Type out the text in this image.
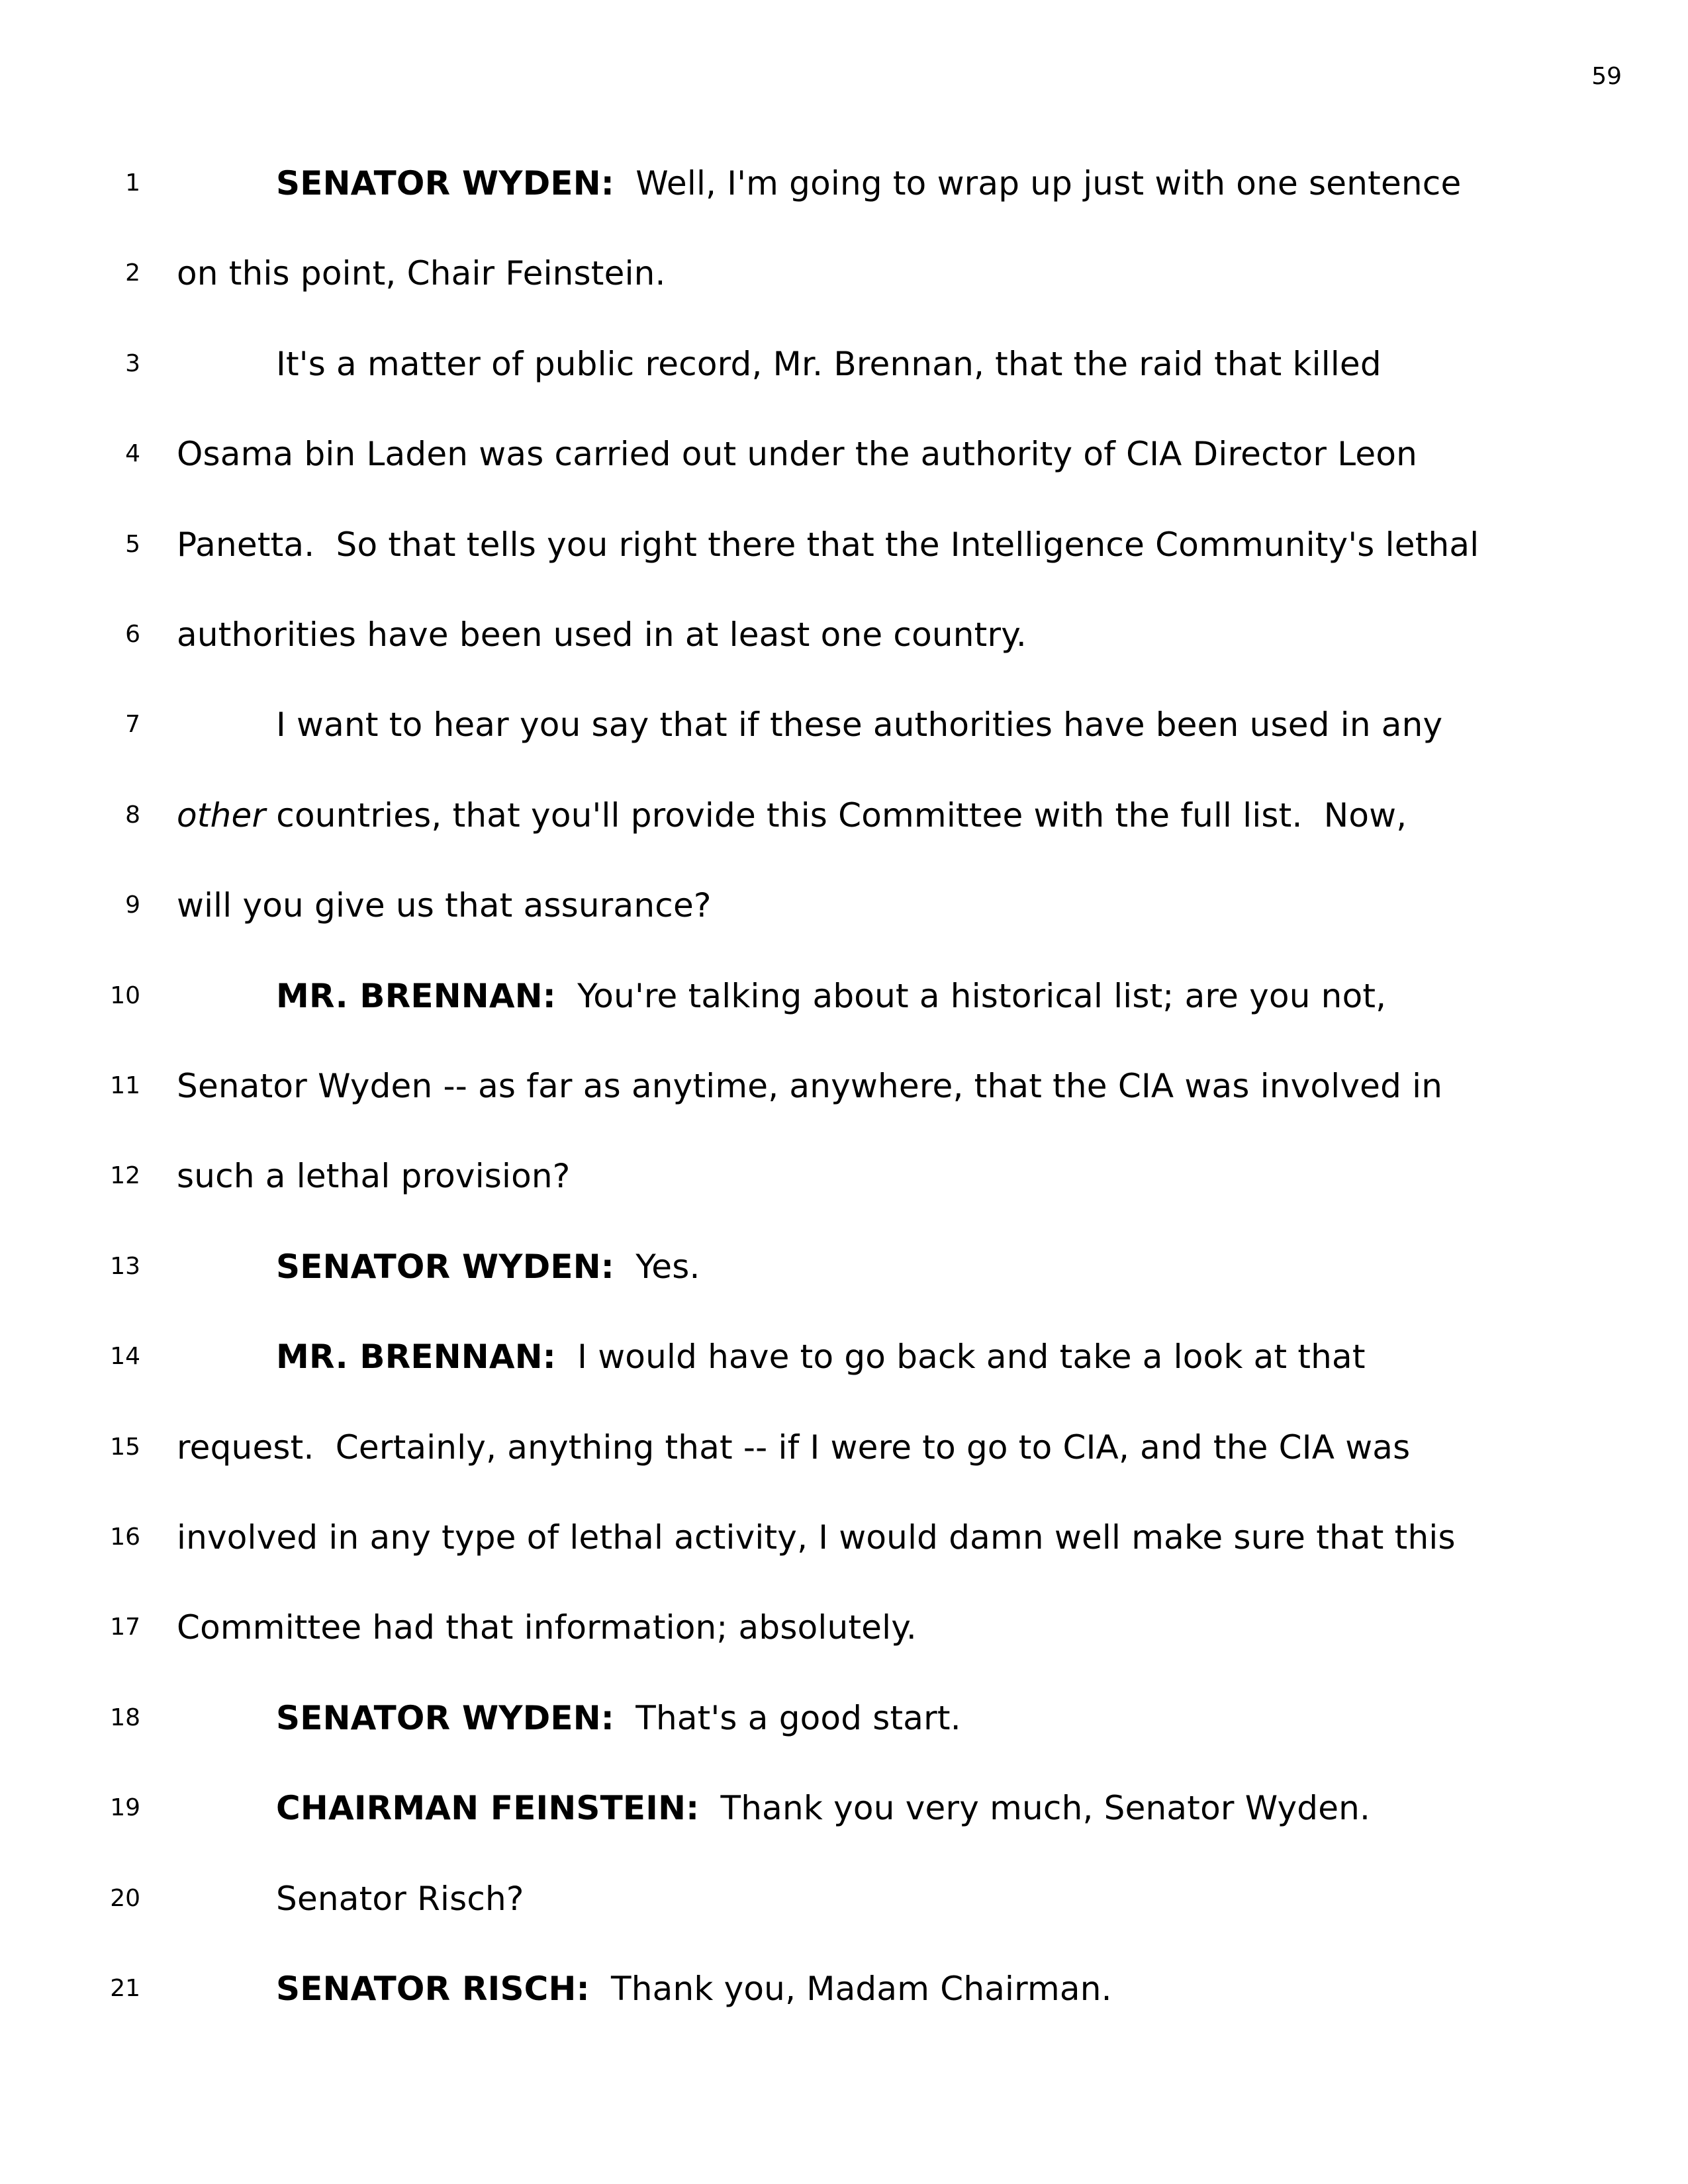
59
1	SENATOR WYDEN:  Well, I'm going to wrap up just with one sentence
2 on this point, Chair Feinstein.
3	It's a matter of public record, Mr. Brennan, that the raid that killed
4 Osama bin Laden was carried out under the authority of CIA Director Leon
5 Panetta.  So that tells you right there that the Intelligence Community's lethal
6 authorities have been used in at least one country.
7	I want to hear you say that if these authorities have been used in any
8 other countries, that you'll provide this Committee with the full list.  Now,
9 will you give us that assurance?
10	MR. BRENNAN:  You're talking about a historical list; are you not,
11 Senator Wyden -- as far as anytime, anywhere, that the CIA was involved in
12 such a lethal provision?
13	SENATOR WYDEN:  Yes.
14	MR. BRENNAN:  I would have to go back and take a look at that
15 request.  Certainly, anything that -- if I were to go to CIA, and the CIA was
16 involved in any type of lethal activity, I would damn well make sure that this
17 Committee had that information; absolutely.
18	SENATOR WYDEN:  That's a good start.
19	CHAIRMAN FEINSTEIN:  Thank you very much, Senator Wyden.
20	Senator Risch?
21	SENATOR RISCH:  Thank you, Madam Chairman.
